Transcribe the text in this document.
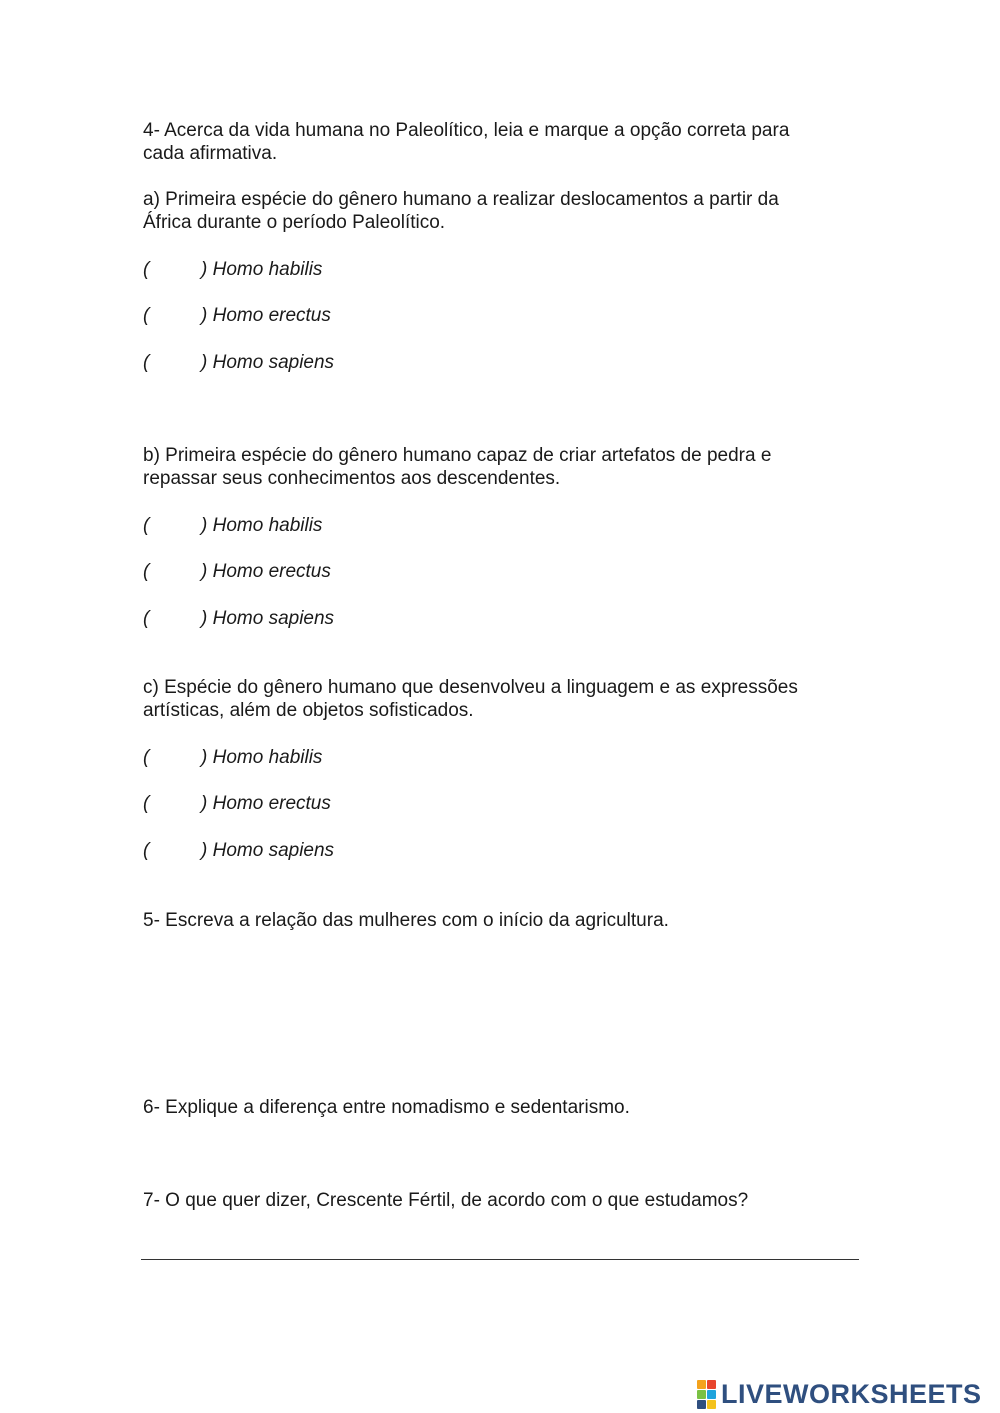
4- Acerca da vida humana no Paleolítico, leia e marque a opção correta para
cada afirmativa.
a) Primeira espécie do gênero humano a realizar deslocamentos a partir da
África durante o período Paleolítico.
(	) Homo habilis
(	) Homo erectus
(	) Homo sapiens
b) Primeira espécie do gênero humano capaz de criar artefatos de pedra e
repassar seus conhecimentos aos descendentes.
(	) Homo habilis
(	) Homo erectus
(	) Homo sapiens
c) Espécie do gênero humano que desenvolveu a linguagem e as expressões
artísticas, além de objetos sofisticados.
(	) Homo habilis
(	) Homo erectus
(	) Homo sapiens
5- Escreva a relação das mulheres com o início da agricultura.
6- Explique a diferença entre nomadismo e sedentarismo.
7- O que quer dizer, Crescente Fértil, de acordo com o que estudamos?
LIVEWORKSHEETS
